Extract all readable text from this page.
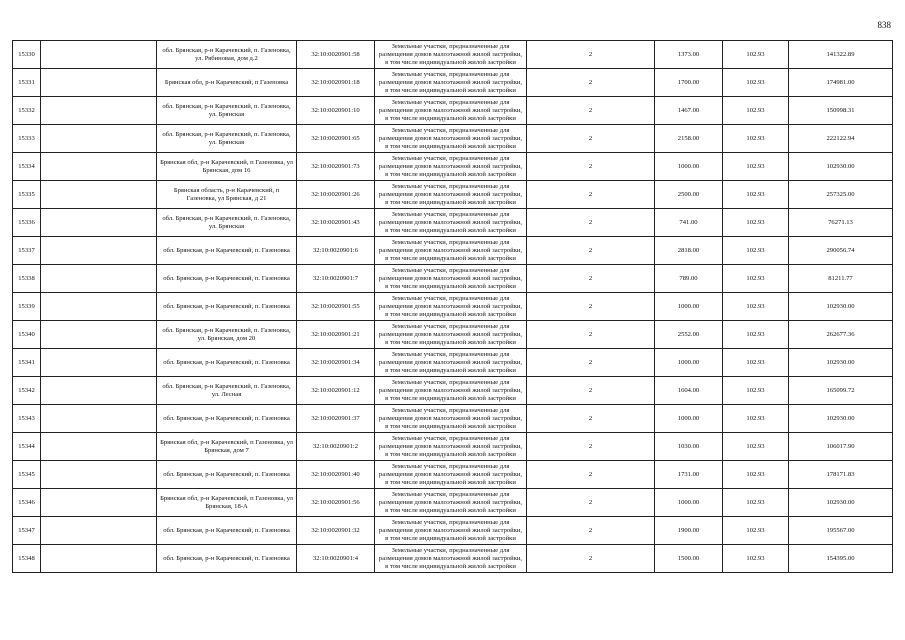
838
15330		обл. Брянская, р-н Карачевский, п. Газеновка, ул. Рябиновая, дом д.2	32:10:0020901:58	Земельные участки, предназначенные для размещения домов малоэтажной жилой застройки, в том числе индивидуальной жилой застройки	2	1373.00	102.93	141322.89
15331		Брянская обл, р-н Карачевский, п Газеновка	32:10:0020901:18	Земельные участки, предназначенные для размещения домов малоэтажной жилой застройки, в том числе индивидуальной жилой застройки	2	1700.00	102.93	174981.00
15332		обл. Брянская, р-н Карачевский, п. Газеновка, ул. Брянская	32:10:0020901:10	Земельные участки, предназначенные для размещения домов малоэтажной жилой застройки, в том числе индивидуальной жилой застройки	2	1467.00	102.93	150998.31
15333		обл. Брянская, р-н Карачевский, п. Газеновка, ул. Брянская	32:10:0020901:65	Земельные участки, предназначенные для размещения домов малоэтажной жилой застройки, в том числе индивидуальной жилой застройки	2	2158.00	102.93	222122.94
15334		Брянская обл, р-н Карачевский, п Газеновка, ул Брянская, дом 16	32:10:0020901:73	Земельные участки, предназначенные для размещения домов малоэтажной жилой застройки, в том числе индивидуальной жилой застройки	2	1000.00	102.93	102930.00
15335		Брянская область, р-н Карачевский, п Газеновка, ул Брянская, д 21	32:10:0020901:26	Земельные участки, предназначенные для размещения домов малоэтажной жилой застройки, в том числе индивидуальной жилой застройки	2	2500.00	102.93	257325.00
15336		обл. Брянская, р-н Карачевский, п. Газеновка, ул. Брянская	32:10:0020901:43	Земельные участки, предназначенные для размещения домов малоэтажной жилой застройки, в том числе индивидуальной жилой застройки	2	741.00	102.93	76271.13
15337		обл. Брянская, р-н Карачевский, п. Газеновка	32:10:0020901:6	Земельные участки, предназначенные для размещения домов малоэтажной жилой застройки, в том числе индивидуальной жилой застройки	2	2818.00	102.93	290056.74
15338		обл. Брянская, р-н Карачевский, п. Газеновка	32:10:0020901:7	Земельные участки, предназначенные для размещения домов малоэтажной жилой застройки, в том числе индивидуальной жилой застройки	2	789.00	102.93	81211.77
15339		обл. Брянская, р-н Карачевский, п. Газеновка	32:10:0020901:55	Земельные участки, предназначенные для размещения домов малоэтажной жилой застройки, в том числе индивидуальной жилой застройки	2	1000.00	102.93	102930.00
15340		обл. Брянская, р-н Карачевский, п. Газеновка, ул. Брянская, дом 20	32:10:0020901:21	Земельные участки, предназначенные для размещения домов малоэтажной жилой застройки, в том числе индивидуальной жилой застройки	2	2552.00	102.93	262677.36
15341		обл. Брянская, р-н Карачевский, п. Газеновка	32:10:0020901:34	Земельные участки, предназначенные для размещения домов малоэтажной жилой застройки, в том числе индивидуальной жилой застройки	2	1000.00	102.93	102930.00
15342		обл. Брянская, р-н Карачевский, п. Газеновка, ул. Лесная	32:10:0020901:12	Земельные участки, предназначенные для размещения домов малоэтажной жилой застройки, в том числе индивидуальной жилой застройки	2	1604.00	102.93	165099.72
15343		обл. Брянская, р-н Карачевский, п. Газеновка	32:10:0020901:37	Земельные участки, предназначенные для размещения домов малоэтажной жилой застройки, в том числе индивидуальной жилой застройки	2	1000.00	102.93	102930.00
15344		Брянская обл, р-н Карачевский, п Газеновка, ул Брянская, дом 7	32:10:0020901:2	Земельные участки, предназначенные для размещения домов малоэтажной жилой застройки, в том числе индивидуальной жилой застройки	2	1030.00	102.93	106017.90
15345		обл. Брянская, р-н Карачевский, п. Газеновка	32:10:0020901:40	Земельные участки, предназначенные для размещения домов малоэтажной жилой застройки, в том числе индивидуальной жилой застройки	2	1731.00	102.93	178171.83
15346		Брянская обл, р-н Карачевский, п Газеновка, ул Брянская, 18-А	32:10:0020901:56	Земельные участки, предназначенные для размещения домов малоэтажной жилой застройки, в том числе индивидуальной жилой застройки	2	1000.00	102.93	102930.00
15347		обл. Брянская, р-н Карачевский, п. Газеновка	32:10:0020901:32	Земельные участки, предназначенные для размещения домов малоэтажной жилой застройки, в том числе индивидуальной жилой застройки	2	1900.00	102.93	195567.00
15348		обл. Брянская, р-н Карачевский, п. Газеновка	32:10:0020901:4	Земельные участки, предназначенные для размещения домов малоэтажной жилой застройки, в том числе индивидуальной жилой застройки	2	1500.00	102.93	154395.00
